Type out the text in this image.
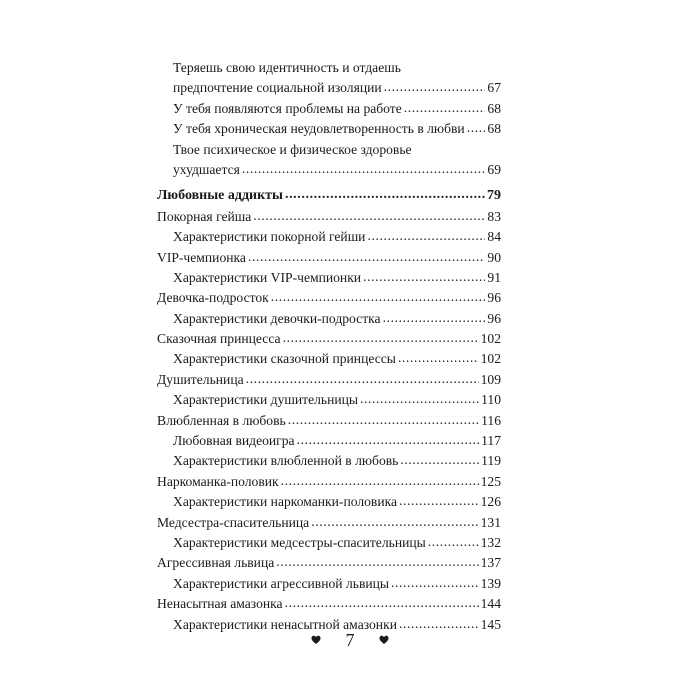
Теряешь свою идентичность и отдаешь
предпочтение социальной изоляции .....	67
У тебя появляются проблемы на работе .....	68
У тебя хроническая неудовлетворенность в любви ..... 68
Твое психическое и физическое здоровье
ухудшается .....	69
Любовные аддикты .....	79
Покорная гейша .....	83
Характеристики покорной гейши .....	84
VIP-чемпионка .....	90
Характеристики VIP-чемпионки .....	91
Девочка-подросток .....	96
Характеристики девочки-подростка .....	96
Сказочная принцесса .....	102
Характеристики сказочной принцессы .....	102
Душительница .....	109
Характеристики душительницы .....	110
Влюбленная в любовь .....	116
Любовная видеоигра .....	117
Характеристики влюбленной в любовь .....	119
Наркоманка-половик .....	125
Характеристики наркоманки-половика .....	126
Медсестра-спасительница .....	131
Характеристики медсестры-спасительницы .....	132
Агрессивная львица .....	137
Характеристики агрессивной львицы .....	139
Ненасытная амазонка .....	144
Характеристики ненасытной амазонки .....	145
7
